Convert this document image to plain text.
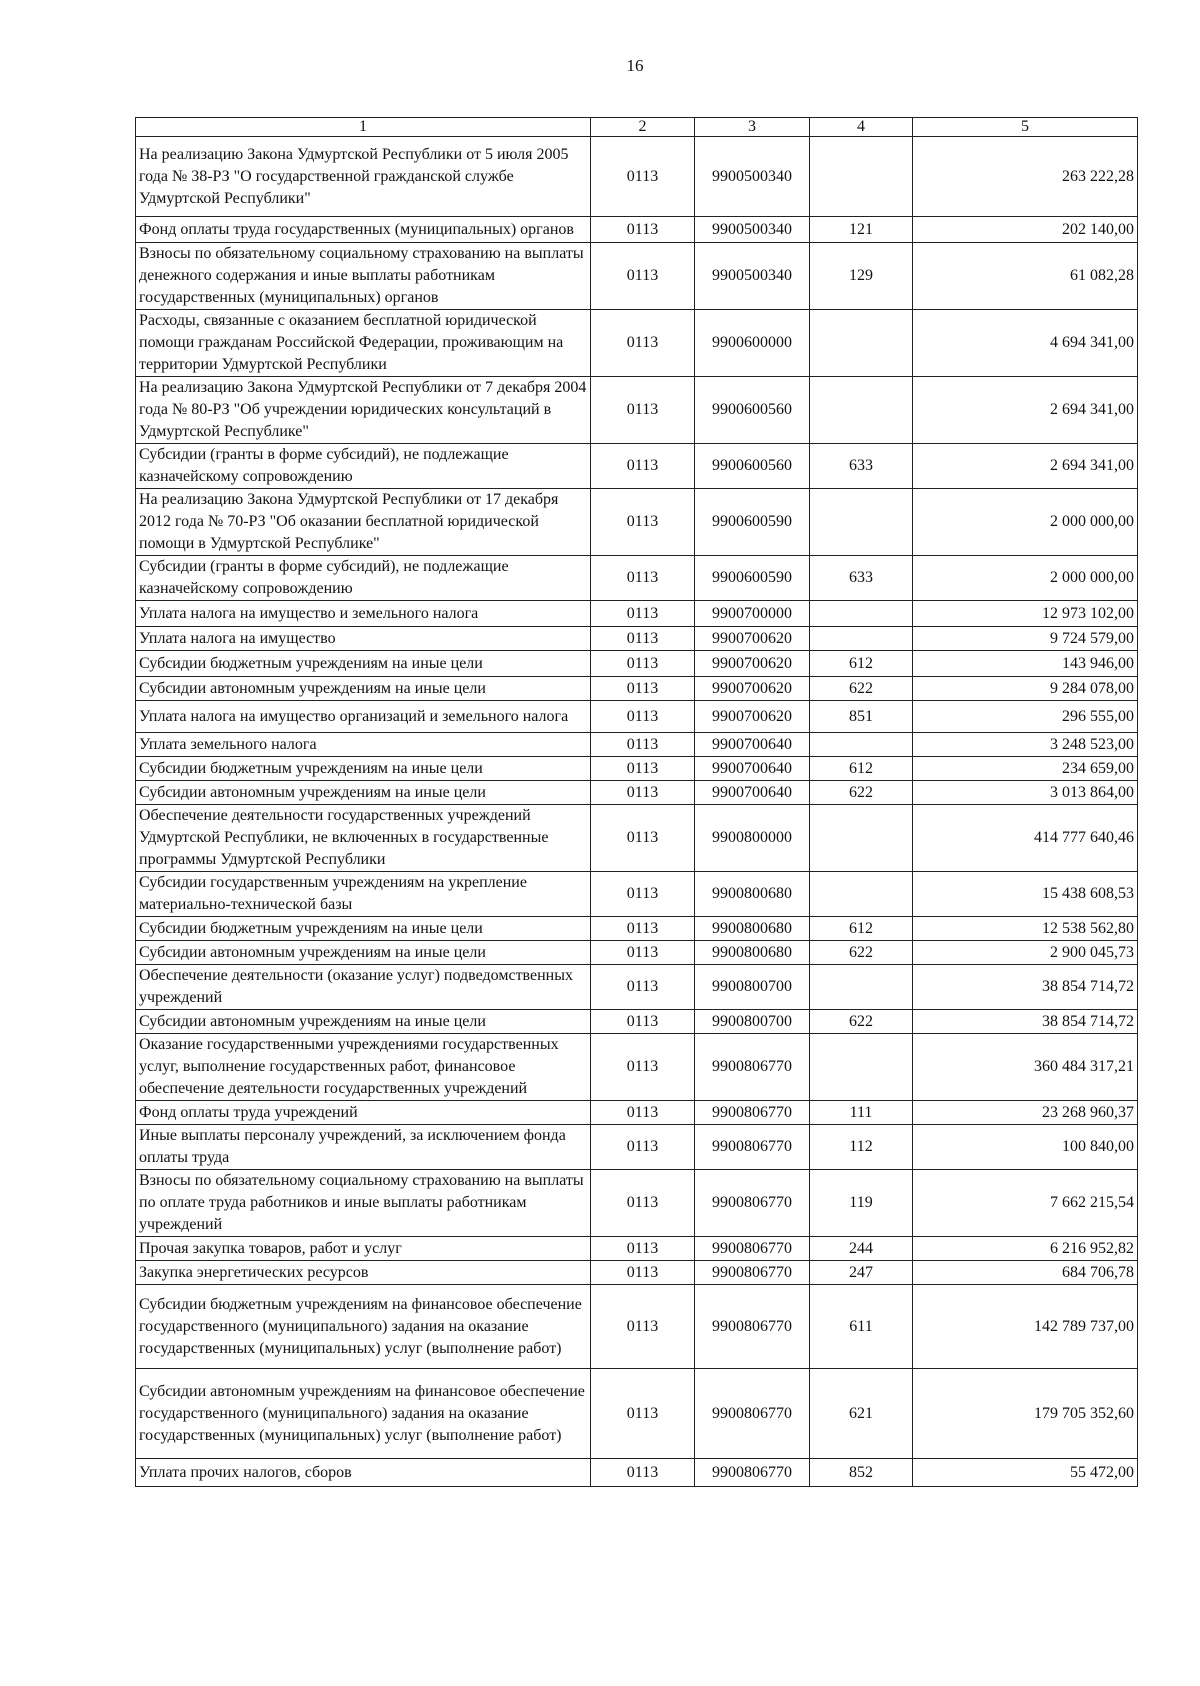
16
1	2	3	4	5
На реализацию Закона Удмуртской Республики от 5 июля 2005 года № 38-РЗ "О государственной гражданской службе Удмуртской Республики"	0113	9900500340		263 222,28
Фонд оплаты труда государственных (муниципальных) органов	0113	9900500340	121	202 140,00
Взносы по обязательному социальному страхованию на выплаты денежного содержания и иные выплаты работникам государственных (муниципальных) органов	0113	9900500340	129	61 082,28
Расходы, связанные с оказанием бесплатной юридической помощи гражданам Российской Федерации, проживающим на территории Удмуртской Республики	0113	9900600000		4 694 341,00
На реализацию Закона Удмуртской Республики от 7 декабря 2004 года № 80-РЗ "Об учреждении юридических консультаций в Удмуртской Республике"	0113	9900600560		2 694 341,00
Субсидии (гранты в форме субсидий), не подлежащие казначейскому сопровождению	0113	9900600560	633	2 694 341,00
На реализацию Закона Удмуртской Республики от 17 декабря 2012 года № 70-РЗ "Об оказании бесплатной юридической помощи в Удмуртской Республике"	0113	9900600590		2 000 000,00
Субсидии (гранты в форме субсидий), не подлежащие казначейскому сопровождению	0113	9900600590	633	2 000 000,00
Уплата налога на имущество и земельного налога	0113	9900700000		12 973 102,00
Уплата налога на имущество	0113	9900700620		9 724 579,00
Субсидии бюджетным учреждениям на иные цели	0113	9900700620	612	143 946,00
Субсидии автономным учреждениям на иные цели	0113	9900700620	622	9 284 078,00
Уплата налога на имущество организаций и земельного налога	0113	9900700620	851	296 555,00
Уплата земельного налога	0113	9900700640		3 248 523,00
Субсидии бюджетным учреждениям на иные цели	0113	9900700640	612	234 659,00
Субсидии автономным учреждениям на иные цели	0113	9900700640	622	3 013 864,00
Обеспечение деятельности государственных учреждений Удмуртской Республики, не включенных в государственные программы Удмуртской Республики	0113	9900800000		414 777 640,46
Субсидии государственным учреждениям на укрепление материально-технической базы	0113	9900800680		15 438 608,53
Субсидии бюджетным учреждениям на иные цели	0113	9900800680	612	12 538 562,80
Субсидии автономным учреждениям на иные цели	0113	9900800680	622	2 900 045,73
Обеспечение деятельности (оказание услуг) подведомственных учреждений	0113	9900800700		38 854 714,72
Субсидии автономным учреждениям на иные цели	0113	9900800700	622	38 854 714,72
Оказание государственными учреждениями государственных услуг, выполнение государственных работ, финансовое обеспечение деятельности государственных учреждений	0113	9900806770		360 484 317,21
Фонд оплаты труда учреждений	0113	9900806770	111	23 268 960,37
Иные выплаты персоналу учреждений, за исключением фонда оплаты труда	0113	9900806770	112	100 840,00
Взносы по обязательному социальному страхованию на выплаты по оплате труда работников и иные выплаты работникам учреждений	0113	9900806770	119	7 662 215,54
Прочая закупка товаров, работ и услуг	0113	9900806770	244	6 216 952,82
Закупка энергетических ресурсов	0113	9900806770	247	684 706,78
Субсидии бюджетным учреждениям на финансовое обеспечение государственного (муниципального) задания на оказание государственных (муниципальных) услуг (выполнение работ)	0113	9900806770	611	142 789 737,00
Субсидии автономным учреждениям на финансовое обеспечение государственного (муниципального) задания на оказание государственных (муниципальных) услуг (выполнение работ)	0113	9900806770	621	179 705 352,60
Уплата прочих налогов, сборов	0113	9900806770	852	55 472,00
